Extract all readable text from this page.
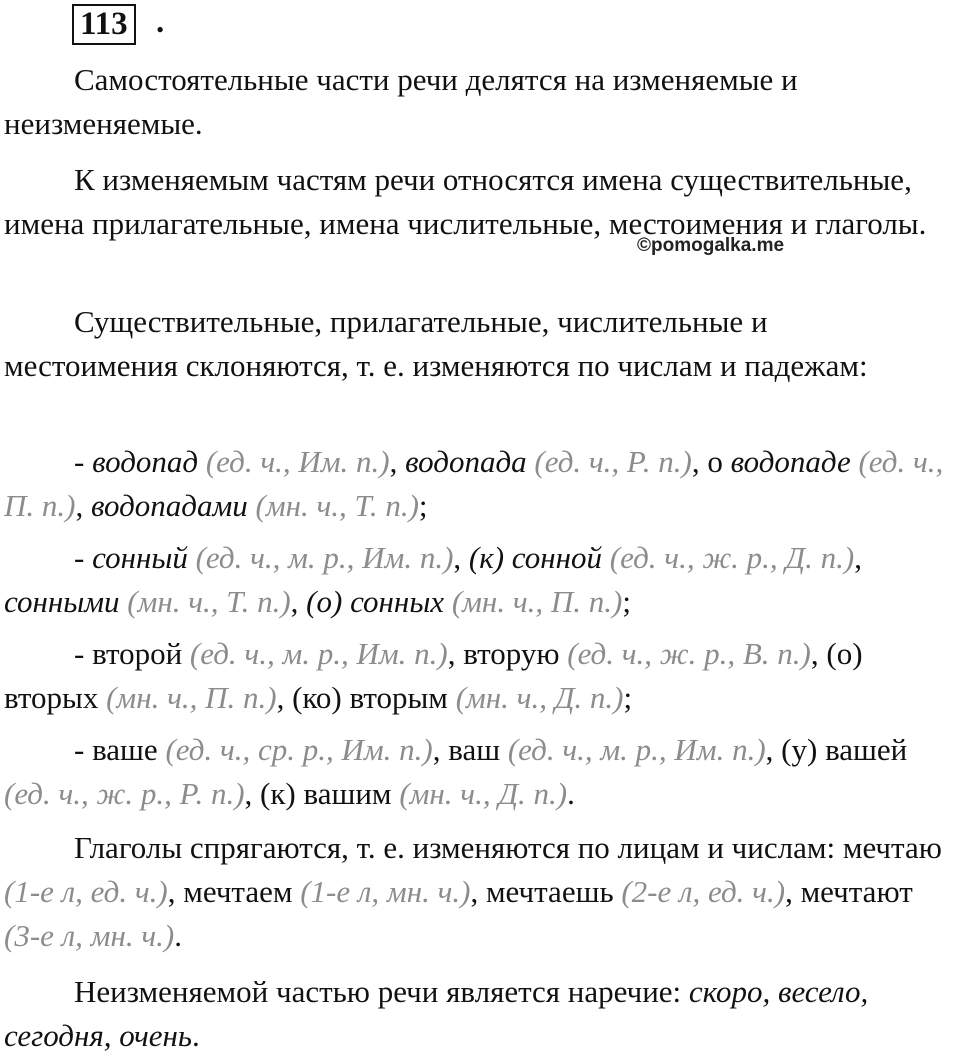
113 .

Самостоятельные части речи делятся на изменяемые и неизменяемые.

К изменяемым частям речи относятся имена существительные, имена прилагательные, имена числительные, местоимения и глаголы.

©pomogalka.me

Существительные, прилагательные, числительные и местоимения склоняются, т. е. изменяются по числам и падежам:

- водопад (ед. ч., Им. п.), водопада (ед. ч., Р. п.), о водопаде (ед. ч., П. п.), водопадами (мн. ч., Т. п.);

- сонный (ед. ч., м. р., Им. п.), (к) сонной (ед. ч., ж. р., Д. п.), сонными (мн. ч., Т. п.), (о) сонных (мн. ч., П. п.);

- второй (ед. ч., м. р., Им. п.), вторую (ед. ч., ж. р., В. п.), (о) вторых (мн. ч., П. п.), (ко) вторым (мн. ч., Д. п.);

- ваше (ед. ч., ср. р., Им. п.), ваш (ед. ч., м. р., Им. п.), (у) вашей (ед. ч., ж. р., Р. п.), (к) вашим (мн. ч., Д. п.).

Глаголы спрягаются, т. е. изменяются по лицам и числам: мечтаю (1-е л, ед. ч.), мечтаем (1-е л, мн. ч.), мечтаешь (2-е л, ед. ч.), мечтают (3-е л, мн. ч.).

Неизменяемой частью речи является наречие: скоро, весело, сегодня, очень.
